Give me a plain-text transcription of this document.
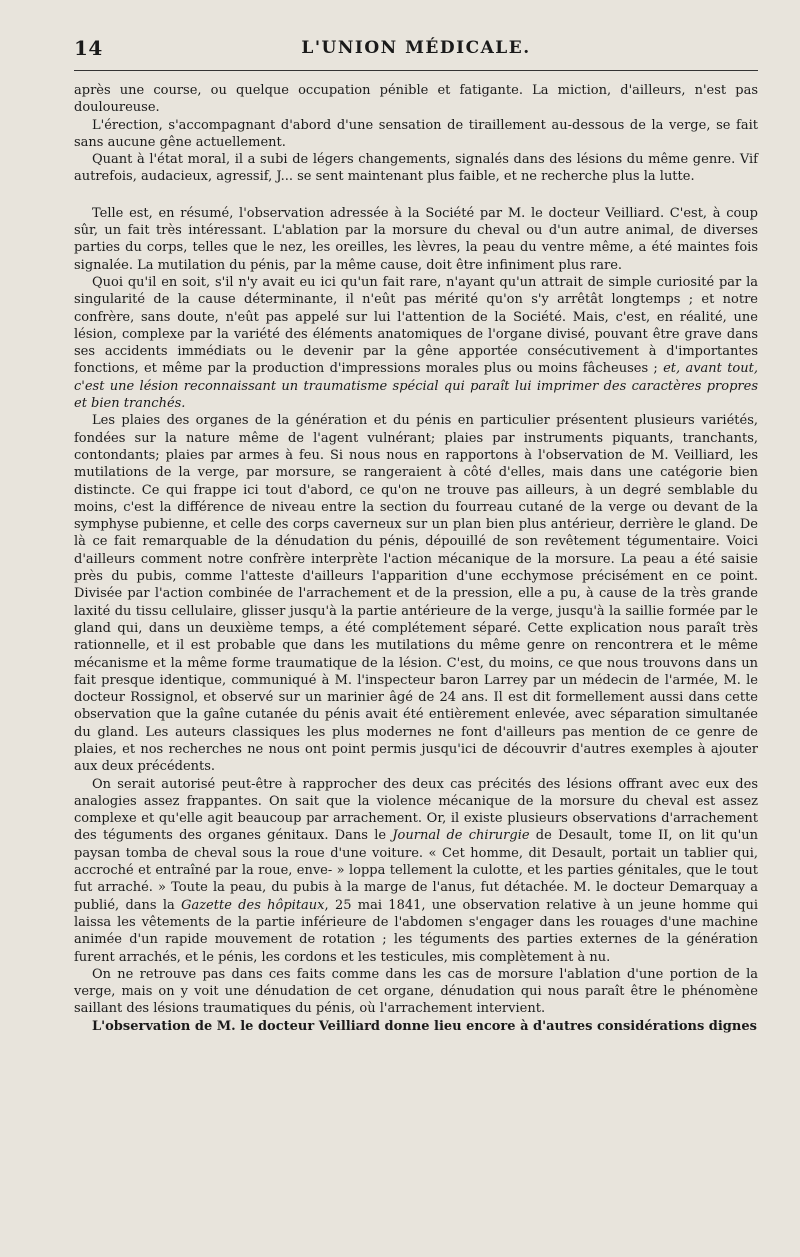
14	L'UNION MÉDICALE.

après une course, ou quelque occupation pénible et fatigante. La miction, d'ailleurs, n'est pas douloureuse.

L'érection, s'accompagnant d'abord d'une sensation de tiraillement au-dessous de la verge, se fait sans aucune gêne actuellement.

Quant à l'état moral, il a subi de légers changements, signalés dans des lésions du même genre. Vif autrefois, audacieux, agressif, J... se sent maintenant plus faible, et ne recherche plus la lutte.

Telle est, en résumé, l'observation adressée à la Société par M. le docteur Veilliard. C'est, à coup sûr, un fait très intéressant. L'ablation par la morsure du cheval ou d'un autre animal, de diverses parties du corps, telles que le nez, les oreilles, les lèvres, la peau du ventre même, a été maintes fois signalée. La mutilation du pénis, par la même cause, doit être infiniment plus rare.

Quoi qu'il en soit, s'il n'y avait eu ici qu'un fait rare, n'ayant qu'un attrait de simple curiosité par la singularité de la cause déterminante, il n'eût pas mérité qu'on s'y arrêtât longtemps ; et notre confrère, sans doute, n'eût pas appelé sur lui l'attention de la Société. Mais, c'est, en réalité, une lésion, complexe par la variété des éléments anatomiques de l'organe divisé, pouvant être grave dans ses accidents immédiats ou le devenir par la gêne apportée consécutivement à d'importantes fonctions, et même par la production d'impressions morales plus ou moins fâcheuses ; et, avant tout, c'est une lésion reconnaissant un traumatisme spécial qui paraît lui imprimer des caractères propres et bien tranchés.

Les plaies des organes de la génération et du pénis en particulier présentent plusieurs variétés, fondées sur la nature même de l'agent vulnérant; plaies par instruments piquants, tranchants, contondants; plaies par armes à feu. Si nous nous en rapportons à l'observation de M. Veilliard, les mutilations de la verge, par morsure, se rangeraient à côté d'elles, mais dans une catégorie bien distincte. Ce qui frappe ici tout d'abord, ce qu'on ne trouve pas ailleurs, à un degré semblable du moins, c'est la différence de niveau entre la section du fourreau cutané de la verge ou devant de la symphyse pubienne, et celle des corps caverneux sur un plan bien plus antérieur, derrière le gland. De là ce fait remarquable de la dénudation du pénis, dépouillé de son revêtement tégumentaire. Voici d'ailleurs comment notre confrère interprète l'action mécanique de la morsure. La peau a été saisie près du pubis, comme l'atteste d'ailleurs l'apparition d'une ecchymose précisément en ce point. Divisée par l'action combinée de l'arrachement et de la pression, elle a pu, à cause de la très grande laxité du tissu cellulaire, glisser jusqu'à la partie antérieure de la verge, jusqu'à la saillie formée par le gland qui, dans un deuxième temps, a été complétement séparé. Cette explication nous paraît très rationnelle, et il est probable que dans les mutilations du même genre on rencontrera et le même mécanisme et la même forme traumatique de la lésion. C'est, du moins, ce que nous trouvons dans un fait presque identique, communiqué à M. l'inspecteur baron Larrey par un médecin de l'armée, M. le docteur Rossignol, et observé sur un marinier âgé de 24 ans. Il est dit formellement aussi dans cette observation que la gaîne cutanée du pénis avait été entièrement enlevée, avec séparation simultanée du gland. Les auteurs classiques les plus modernes ne font d'ailleurs pas mention de ce genre de plaies, et nos recherches ne nous ont point permis jusqu'ici de découvrir d'autres exemples à ajouter aux deux précédents.

On serait autorisé peut-être à rapprocher des deux cas précités des lésions offrant avec eux des analogies assez frappantes. On sait que la violence mécanique de la morsure du cheval est assez complexe et qu'elle agit beaucoup par arrachement. Or, il existe plusieurs observations d'arrachement des téguments des organes génitaux. Dans le Journal de chirurgie de Desault, tome II, on lit qu'un paysan tomba de cheval sous la roue d'une voiture. « Cet homme, dit Desault, portait un tablier qui, accroché et entraîné par la roue, enve- » loppa tellement la culotte, et les parties génitales, que le tout fut arraché. » Toute la peau, du pubis à la marge de l'anus, fut détachée. M. le docteur Demarquay a publié, dans la Gazette des hôpitaux, 25 mai 1841, une observation relative à un jeune homme qui laissa les vêtements de la partie inférieure de l'abdomen s'engager dans les rouages d'une machine animée d'un rapide mouvement de rotation ; les téguments des parties externes de la génération furent arrachés, et le pénis, les cordons et les testicules, mis complètement à nu.

On ne retrouve pas dans ces faits comme dans les cas de morsure l'ablation d'une portion de la verge, mais on y voit une dénudation de cet organe, dénudation qui nous paraît être le phénomène saillant des lésions traumatiques du pénis, où l'arrachement intervient.

L'observation de M. le docteur Veilliard donne lieu encore à d'autres considérations dignes
